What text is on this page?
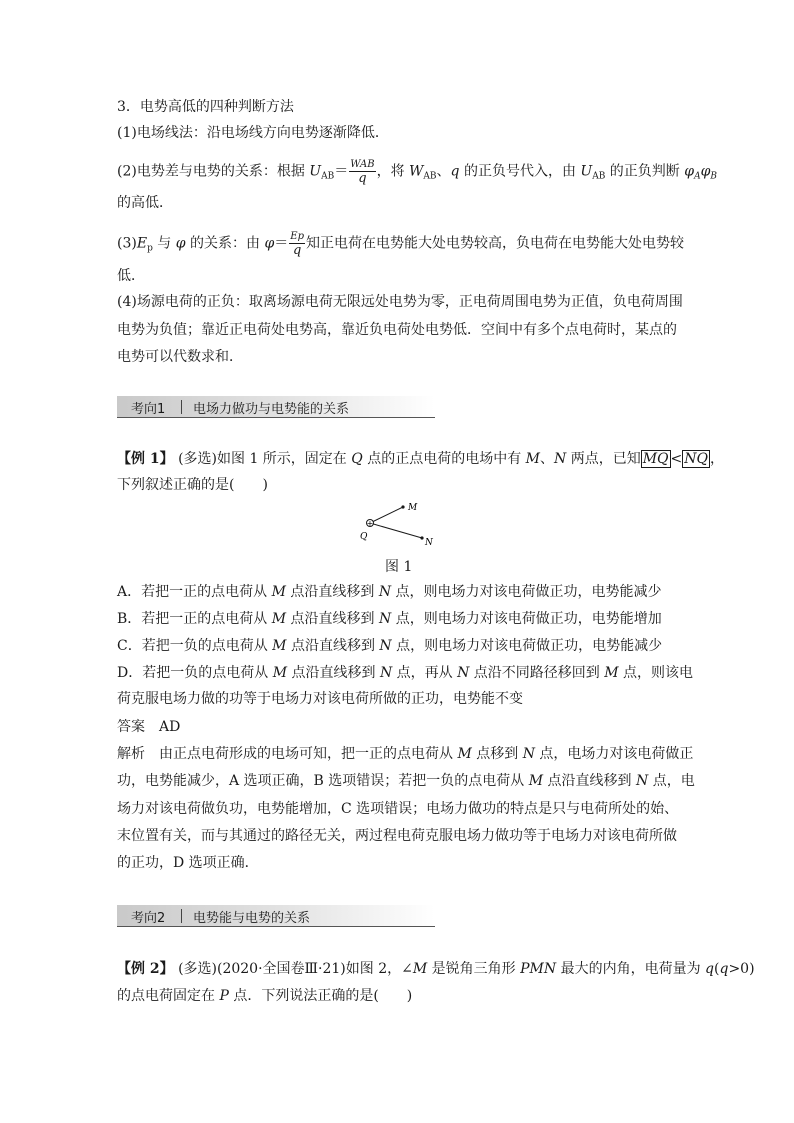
3．电势高低的四种判断方法
(1)电场线法：沿电场线方向电势逐渐降低．
(2)电势差与电势的关系：根据 $U_{AB}= \frac{\text{WAB}}{q}$ ，将 $W_{AB}$、q 的正负号代入，由 $U_{AB}$ 的正负判断 $\varphi_A\varphi_B$
的高低．
$(3)E_p$ 与 φ 的关系：由 $\varphi= \frac{Ep}{q}$ 知正电荷在电势能大处电势较高，负电荷在电势能大处电势较
低．
(4)场源电荷的正负：取离场源电荷无限远处电势为零，正电荷周围电势为正值，负电荷周围
电势为负值；靠近正电荷处电势高，靠近负电荷处电势低．空间中有多个点电荷时，某点的
电势可以代数求和．
考向1 电场力做功与电势能的关系
【例 1】 (多选)如图 1 所示，固定在 Q 点的正点电荷的电场中有 M、N 两点，已知 MQ < NQ ，
下列叙述正确的是(　　)
+
M
Q
N
图 1
A．若把一正的点电荷从 M 点沿直线移到 N 点，则电场力对该电荷做正功，电势能减少
B．若把一正的点电荷从 M 点沿直线移到 N 点，则电场力对该电荷做正功，电势能增加
C．若把一负的点电荷从 M 点沿直线移到 N 点，则电场力对该电荷做正功，电势能减少
D．若把一负的点电荷从 M 点沿直线移到 N 点，再从 N 点沿不同路径移回到 M 点，则该电
荷克服电场力做的功等于电场力对该电荷所做的正功，电势能不变
答案　AD
解析　由正点电荷形成的电场可知，把一正的点电荷从 M 点移到 N 点，电场力对该电荷做正
功，电势能减少，A 选项正确，B 选项错误；若把一负的点电荷从 M 点沿直线移到 N 点，电
场力对该电荷做负功，电势能增加，C 选项错误；电场力做功的特点是只与电荷所处的始、
末位置有关，而与其通过的路径无关，两过程电荷克服电场力做功等于电场力对该电荷所做
的正功，D 选项正确．
考向2 电势能与电势的关系
【例 2】 (多选)(2020·全国卷Ⅲ·21)如图 2，∠M 是锐角三角形 PMN 最大的内角，电荷量为 q(q>0)
的点电荷固定在 P 点．下列说法正确的是(　　)
